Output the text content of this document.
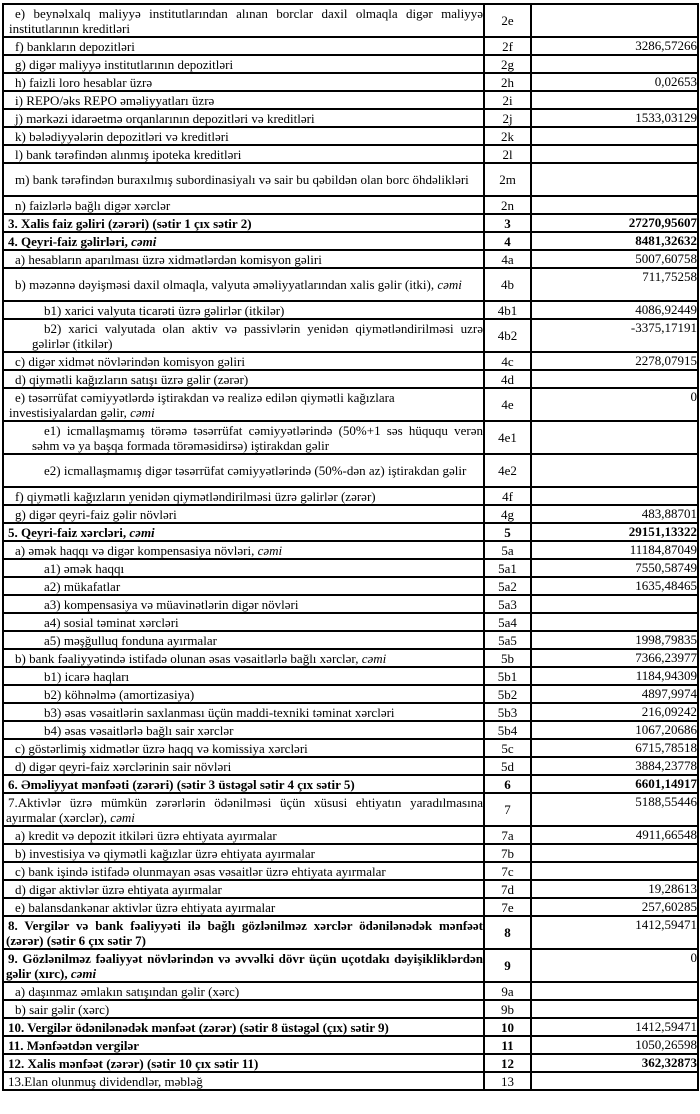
e) beynəlxalq maliyyə institutlarından alınan borclar daxil olmaqla digər maliyyə institutlarının kreditləri	2e	
f) bankların depozitləri	2f	3286,57266
g) digər maliyyə institutlarının depozitləri	2g	
h) faizli loro hesablar üzrə	2h	0,02653
i) REPO/əks REPO əməliyyatları üzrə	2i	
j) mərkəzi idarəetmə orqanlarının depozitləri və kreditləri	2j	1533,03129
k) bələdiyyələrin depozitləri və kreditləri	2k	
l) bank tərəfindən alınmış ipoteka kreditləri	2l	
m) bank tərəfindən buraxılmış subordinasiyalı və sair bu qəbildən olan borc öhdəlikləri	2m	
n) faizlərlə bağlı digər xərclər	2n	
3. Xalis faiz gəliri (zərəri) (sətir 1 çıx sətir 2)	3	27270,95607
4. Qeyri-faiz gəlirləri, cəmi	4	8481,32632
a) hesabların aparılması üzrə xidmətlərdən komisyon gəliri	4a	5007,60758
b) məzənnə dəyişməsi daxil olmaqla, valyuta əməliyyatlarından xalis gəlir (itki), cəmi	4b	711,75258
b1) xarici valyuta ticarəti üzrə gəlirlər (itkilər)	4b1	4086,92449
b2) xarici valyutada olan aktiv və passivlərin yenidən qiymətləndirilməsi uzrə gəlirlər (itkilər)	4b2	-3375,17191
c) digər xidmət növlərindən komisyon gəliri	4c	2278,07915
d) qiymətli kağızların satışı üzrə gəlir (zərər)	4d	
e) təsərrüfat cəmiyyətlərdə iştirakdan və realizə edilən qiymətli kağızlara investisiyalardan gəlir, cəmi	4e	0
e1) icmallaşmamış törəmə təsərrüfat cəmiyyətlərində (50%+1 səs hüququ verən səhm və ya başqa formada törəməsidirsə) iştirakdan gəlir	4e1	
e2) icmallaşmamış digər təsərrüfat cəmiyyətlərində (50%-dən az) iştirakdan gəlir	4e2	
f) qiymətli kağızların yenidən qiymətləndirilməsi üzrə gəlirlər (zərər)	4f	
g) digər qeyri-faiz gəlir növləri	4g	483,88701
5. Qeyri-faiz xərcləri, cəmi	5	29151,13322
a) əmək haqqı və digər kompensasiya növləri, cəmi	5a	11184,87049
a1) əmək haqqı	5a1	7550,58749
a2) mükafatlar	5a2	1635,48465
a3) kompensasiya və müavinətlərin digər növləri	5a3	
a4) sosial təminat xərcləri	5a4	
a5) məşğulluq fonduna ayırmalar	5a5	1998,79835
b) bank fəaliyyətində istifadə olunan əsas vəsaitlərlə bağlı xərclər, cəmi	5b	7366,23977
b1) icarə haqları	5b1	1184,94309
b2) köhnəlmə (amortizasiya)	5b2	4897,9974
b3) əsas vəsaitlərin saxlanması üçün maddi-texniki təminat xərcləri	5b3	216,09242
b4) əsas vəsaitlərlə bağlı sair xərclər	5b4	1067,20686
c) göstərlimiş xidmətlər üzrə haqq və komissiya xərcləri	5c	6715,78518
d) digər qeyri-faiz xərclərinin sair növləri	5d	3884,23778
6. Əməliyyat mənfəəti (zərəri) (sətir 3 üstəgəl sətir 4 çıx sətir 5)	6	6601,14917
7.Aktivlər üzrə mümkün zərərlərin ödənilməsi üçün xüsusi ehtiyatın yaradılmasına ayırmalar (xərclər), cəmi	7	5188,55446
a) kredit və depozit itkiləri üzrə ehtiyata ayırmalar	7a	4911,66548
b) investisiya və qiymətli kağızlar üzrə ehtiyata ayırmalar	7b	
c) bank işində istifadə olunmayan əsas vəsaitlər üzrə ehtiyata ayırmalar	7c	
d) digər aktivlər üzrə ehtiyata ayırmalar	7d	19,28613
e) balansdankənar aktivlər üzrə ehtiyata ayırmalar	7e	257,60285
8. Vergilər və bank fəaliyyəti ilə bağlı gözlənilməz xərclər ödənilənədək mənfəət (zərər) (sətir 6 çıx sətir 7)	8	1412,59471
9. Gözlənilməz fəaliyyət növlərindən və əvvəlki dövr üçün uçotdakı dəyişikliklərdən gəlir (xırc), cəmi	9	0
a) daşınmaz əmlakın satışından gəlir (xərc)	9a	
b) sair gəlir (xərc)	9b	
10. Vergilər ödənilənədək mənfəət (zərər) (sətir 8 üstəgəl (çıx) sətir 9)	10	1412,59471
11. Mənfəətdən vergilər	11	1050,26598
12. Xalis mənfəət (zərər) (sətir 10 çıx sətir 11)	12	362,32873
13.Elan olunmuş dividendlər, məbləğ	13	
